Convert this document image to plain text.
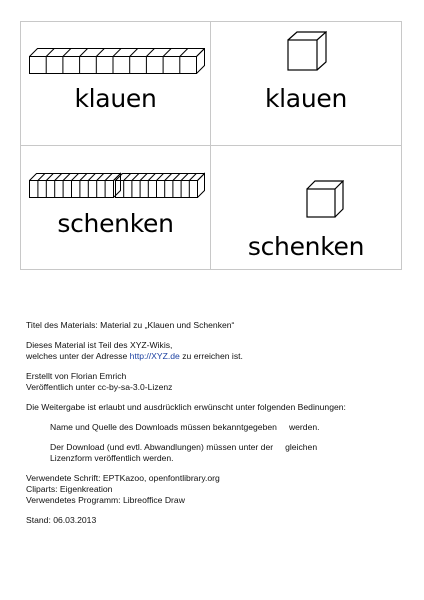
klauen	klauen
schenken
schenken

Titel des Materials: Material zu „Klauen und Schenken“

Dieses Material ist Teil des XYZ-Wikis,
welches unter der Adresse http://XYZ.de zu erreichen ist.

Erstellt von Florian Emrich
Veröffentlich unter cc-by-sa-3.0-Lizenz

Die Weitergabe ist erlaubt und ausdrücklich erwünscht unter folgenden Bedinungen:

Name und Quelle des Downloads müssen bekanntgegeben werden.

Der Download (und evtl. Abwandlungen) müssen unter der gleichen
Lizenzform veröffentlich werden.

Verwendete Schrift: EPTKazoo, openfontlibrary.org
Cliparts: Eigenkreation
Verwendetes Programm: Libreoffice Draw

Stand: 06.03.2013
